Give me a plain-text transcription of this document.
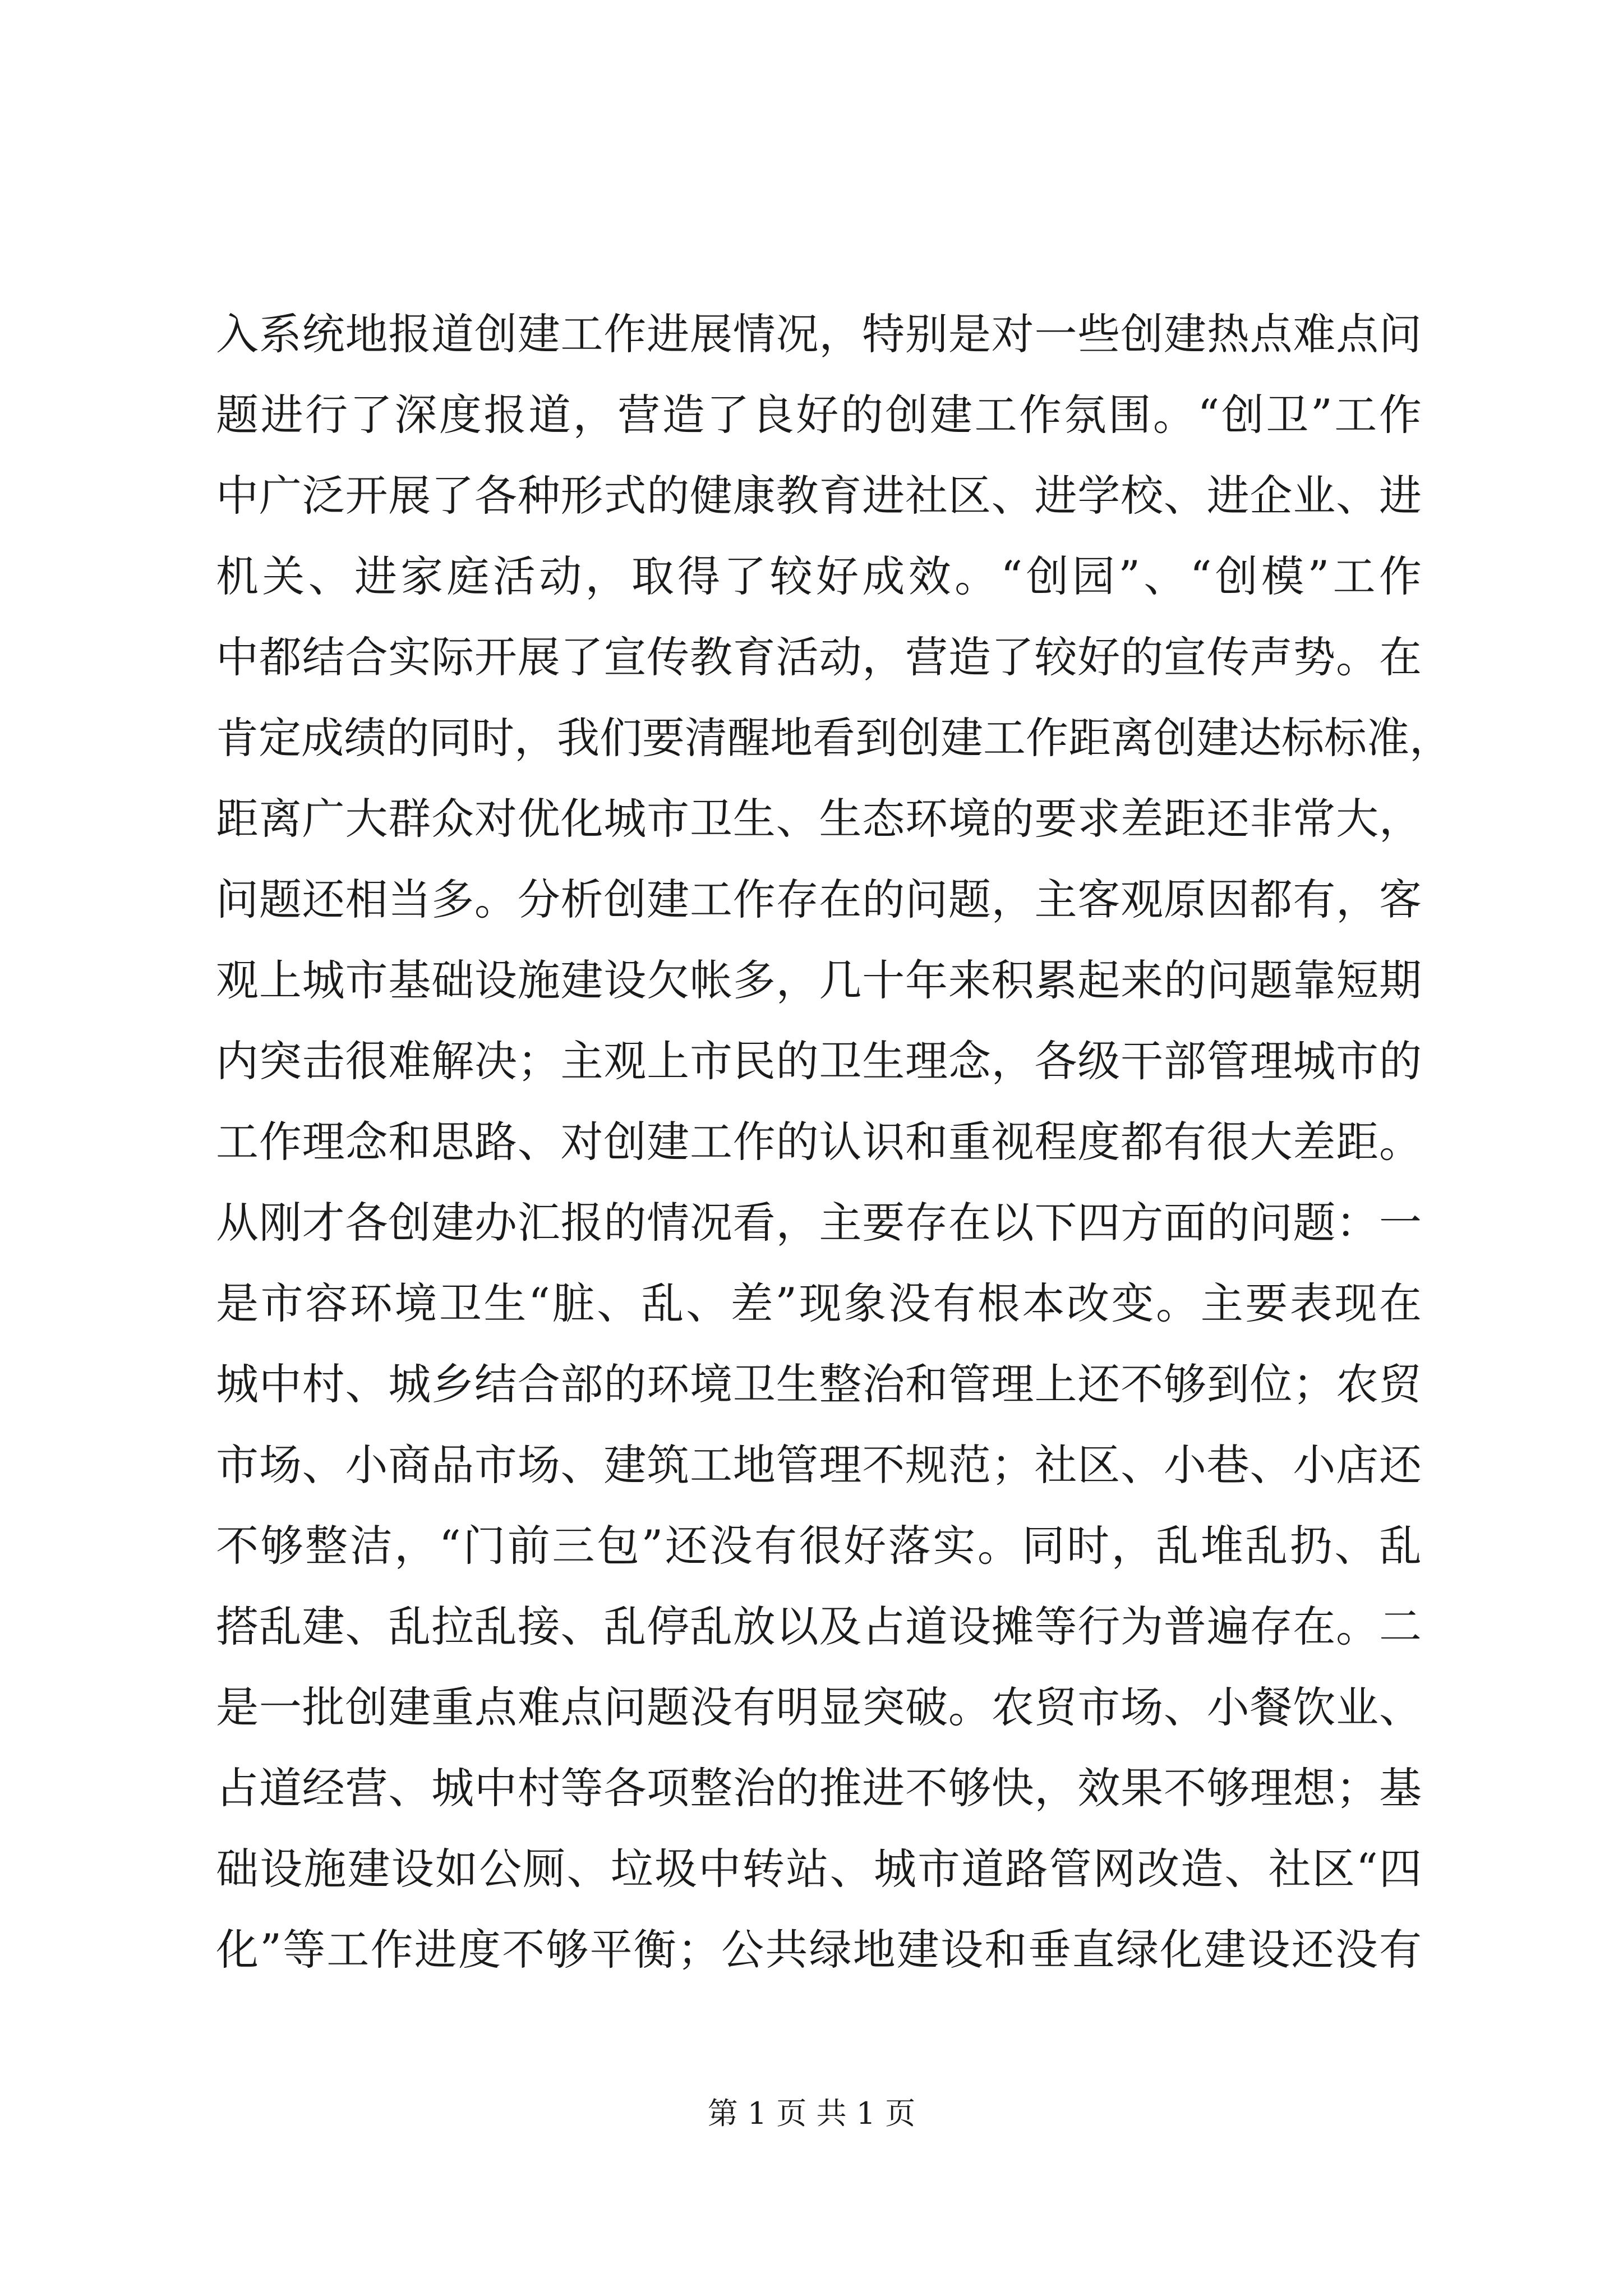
入系统地报道创建工作进展情况，特别是对一些创建热点难点问
题进行了深度报道，营造了良好的创建工作氛围。“创卫”工作
中广泛开展了各种形式的健康教育进社区、进学校、进企业、进
机关、进家庭活动，取得了较好成效。“创园”、“创模”工作
中都结合实际开展了宣传教育活动，营造了较好的宣传声势。在
肯定成绩的同时，我们要清醒地看到创建工作距离创建达标标准，
距离广大群众对优化城市卫生、生态环境的要求差距还非常大，
问题还相当多。分析创建工作存在的问题，主客观原因都有，客
观上城市基础设施建设欠帐多，几十年来积累起来的问题靠短期
内突击很难解决；主观上市民的卫生理念，各级干部管理城市的
工作理念和思路、对创建工作的认识和重视程度都有很大差距。
从刚才各创建办汇报的情况看，主要存在以下四方面的问题：一
是市容环境卫生“脏、乱、差”现象没有根本改变。主要表现在
城中村、城乡结合部的环境卫生整治和管理上还不够到位；农贸
市场、小商品市场、建筑工地管理不规范；社区、小巷、小店还
不够整洁，“门前三包”还没有很好落实。同时，乱堆乱扔、乱
搭乱建、乱拉乱接、乱停乱放以及占道设摊等行为普遍存在。二
是一批创建重点难点问题没有明显突破。农贸市场、小餐饮业、
占道经营、城中村等各项整治的推进不够快，效果不够理想；基
础设施建设如公厕、垃圾中转站、城市道路管网改造、社区“四
化”等工作进度不够平衡；公共绿地建设和垂直绿化建设还没有
第 1 页 共 1 页
